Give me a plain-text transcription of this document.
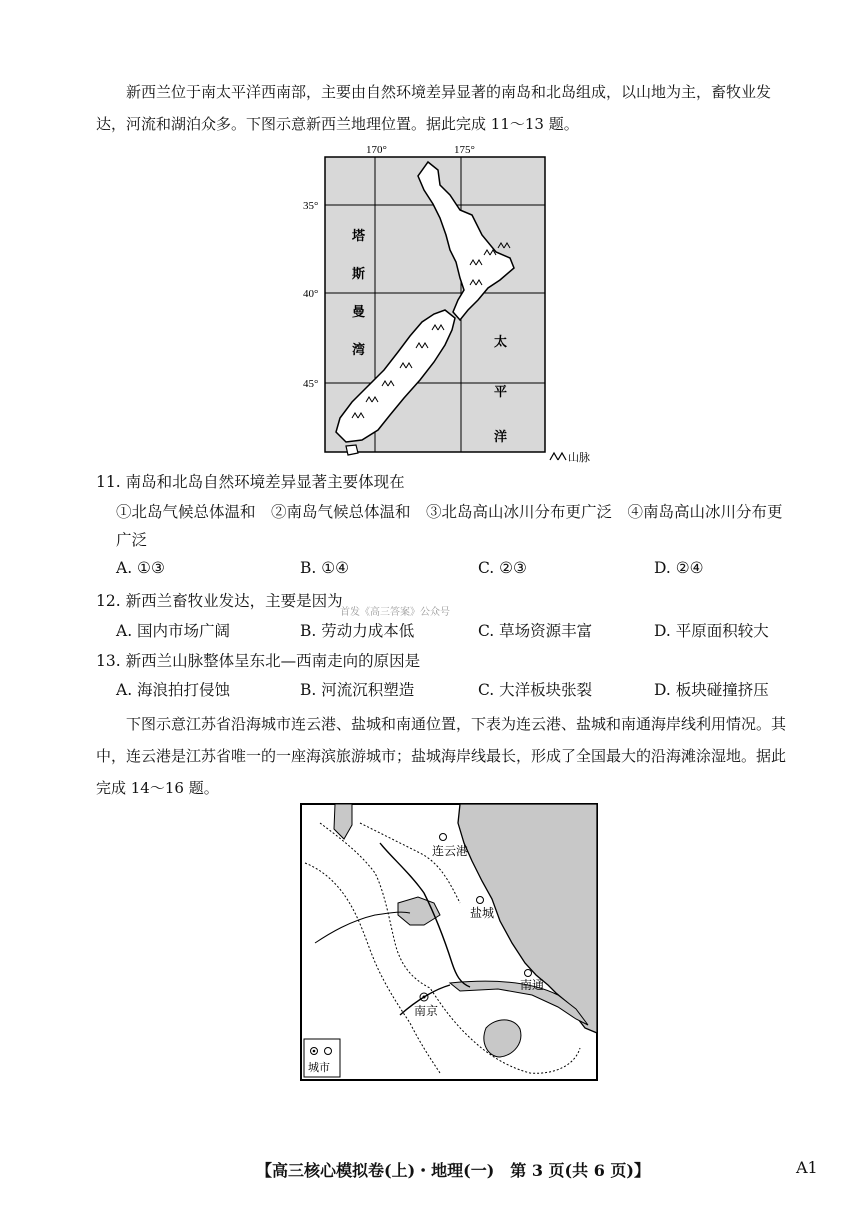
新西兰位于南太平洋西南部，主要由自然环境差异显著的南岛和北岛组成，以山地为主，畜牧业发
达，河流和湖泊众多。下图示意新西兰地理位置。据此完成 11～13 题。

170°	175°
35°
40°
45°
塔
斯
曼
湾
太
平
洋
山脉

11. 南岛和北岛自然环境差异显著主要体现在

①北岛气候总体温和　②南岛气候总体温和　③北岛高山冰川分布更广泛　④南岛高山冰川分布更

广泛

A. ①③	B. ①④	C. ②③	D. ②④

12. 新西兰畜牧业发达，主要是因为

首发《高三答案》公众号

A. 国内市场广阔	B. 劳动力成本低	C. 草场资源丰富	D. 平原面积较大

13. 新西兰山脉整体呈东北—西南走向的原因是

A. 海浪拍打侵蚀	B. 河流沉积塑造	C. 大洋板块张裂	D. 板块碰撞挤压

下图示意江苏省沿海城市连云港、盐城和南通位置，下表为连云港、盐城和南通海岸线利用情况。其
中，连云港是江苏省唯一的一座海滨旅游城市；盐城海岸线最长，形成了全国最大的沿海滩涂湿地。据此
完成 14～16 题。

连云港
盐城
南通
南京
城市
【高三核心模拟卷(上)・地理(一)　第 3 页(共 6 页)】	A1
